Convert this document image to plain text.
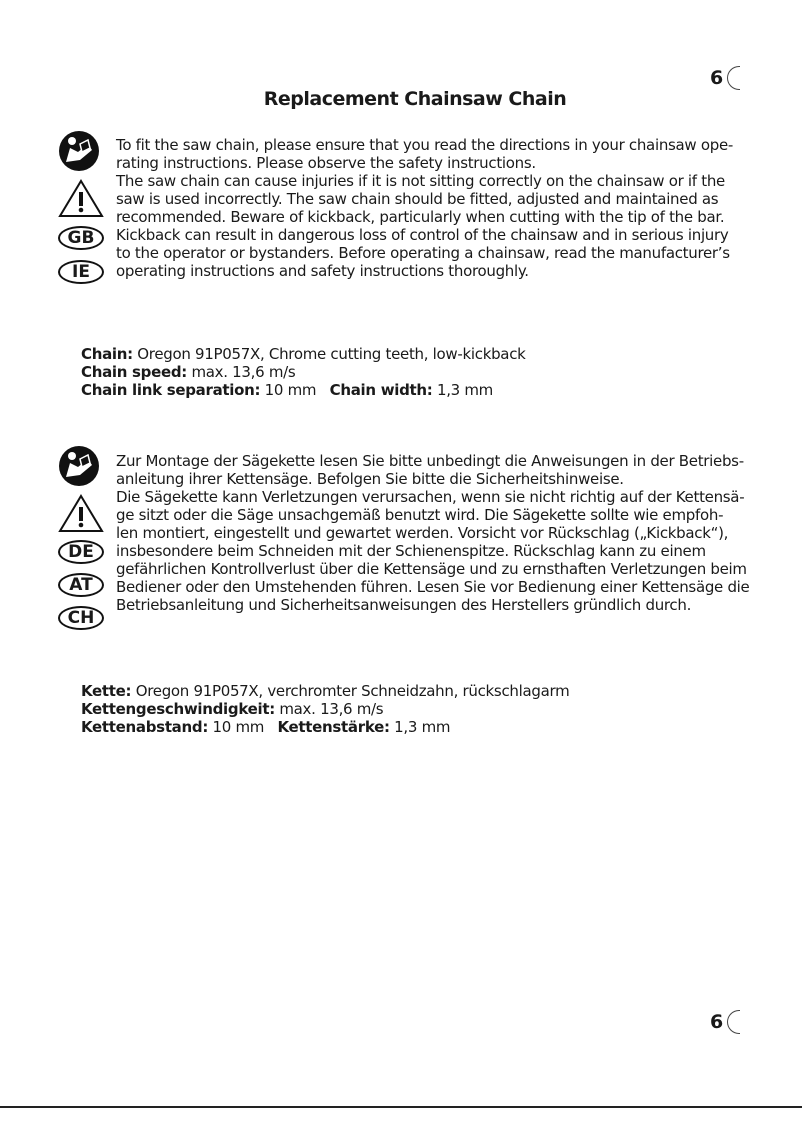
6
Replacement Chainsaw Chain
GB
IE
To fit the saw chain, please ensure that you read the directions in your chainsaw ope-
rating instructions. Please observe the safety instructions.
The saw chain can cause injuries if it is not sitting correctly on the chainsaw or if the
saw is used incorrectly. The saw chain should be fitted, adjusted and maintained as
recommended. Beware of kickback, particularly when cutting with the tip of the bar.
Kickback can result in dangerous loss of control of the chainsaw and in serious injury
to the operator or bystanders. Before operating a chainsaw, read the manufacturer’s
operating instructions and safety instructions thoroughly.
Chain: Oregon 91P057X, Chrome cutting teeth, low-kickback
Chain speed: max. 13,6 m/s
Chain link separation: 10 mm Chain width: 1,3 mm
DE
AT
CH
Zur Montage der Sägekette lesen Sie bitte unbedingt die Anweisungen in der Betriebs-
anleitung ihrer Kettensäge. Befolgen Sie bitte die Sicherheitshinweise.
Die Sägekette kann Verletzungen verursachen, wenn sie nicht richtig auf der Kettensä-
ge sitzt oder die Säge unsachgemäß benutzt wird. Die Sägekette sollte wie empfoh-
len montiert, eingestellt und gewartet werden. Vorsicht vor Rückschlag („Kickback“),
insbesondere beim Schneiden mit der Schienenspitze. Rückschlag kann zu einem
gefährlichen Kontrollverlust über die Kettensäge und zu ernsthaften Verletzungen beim
Bediener oder den Umstehenden führen. Lesen Sie vor Bedienung einer Kettensäge die
Betriebsanleitung und Sicherheitsanweisungen des Herstellers gründlich durch.
Kette: Oregon 91P057X, verchromter Schneidzahn, rückschlagarm
Kettengeschwindigkeit: max. 13,6 m/s
Kettenabstand: 10 mm Kettenstärke: 1,3 mm
6
